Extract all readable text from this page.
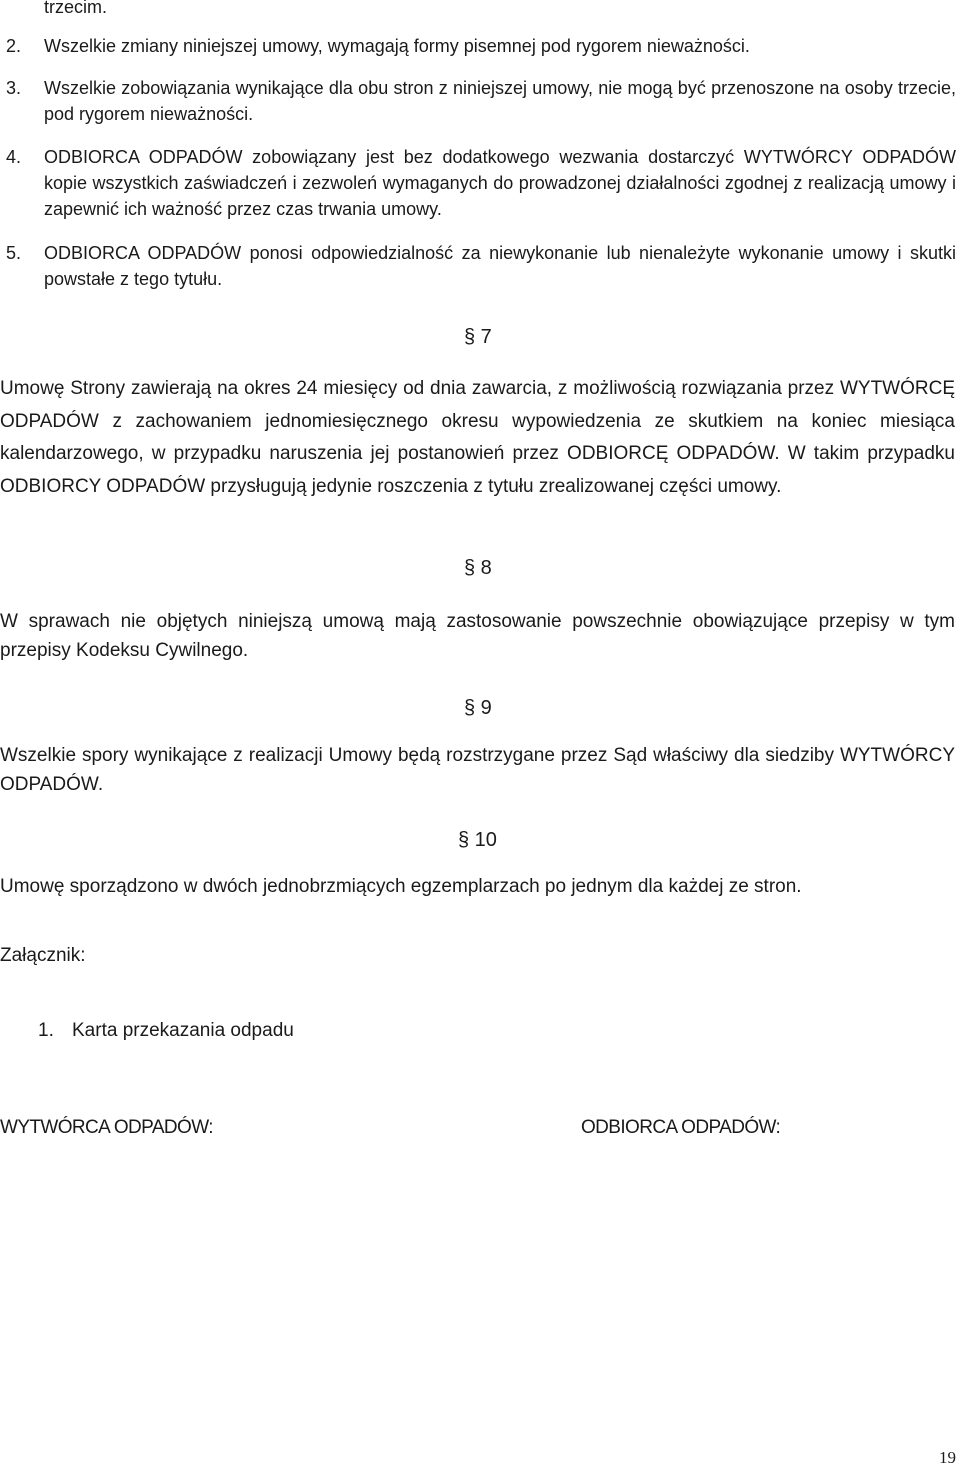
trzecim.
2.	Wszelkie zmiany niniejszej umowy, wymagają formy pisemnej pod rygorem nieważności.
3.	Wszelkie zobowiązania wynikające dla obu stron z niniejszej umowy, nie mogą być przenoszone na osoby trzecie, pod rygorem nieważności.
4.	ODBIORCA ODPADÓW zobowiązany jest bez dodatkowego wezwania dostarczyć WYTWÓRCY ODPADÓW kopie wszystkich zaświadczeń i zezwoleń wymaganych do prowadzonej działalności zgodnej z realizacją umowy i zapewnić ich ważność przez czas trwania umowy.
5.	ODBIORCA ODPADÓW ponosi odpowiedzialność za niewykonanie lub nienależyte wykonanie umowy i skutki powstałe z tego tytułu.
§ 7
Umowę Strony zawierają na okres 24 miesięcy od dnia zawarcia, z możliwością rozwiązania przez WYTWÓRCĘ ODPADÓW z zachowaniem jednomiesięcznego okresu wypowiedzenia ze skutkiem na koniec miesiąca kalendarzowego, w przypadku naruszenia jej postanowień przez ODBIORCĘ ODPADÓW. W takim przypadku ODBIORCY ODPADÓW przysługują jedynie roszczenia z tytułu zrealizowanej części umowy.
§ 8
W sprawach nie objętych niniejszą umową mają zastosowanie powszechnie obowiązujące przepisy w tym przepisy Kodeksu Cywilnego.
§ 9
Wszelkie spory wynikające z realizacji Umowy będą rozstrzygane przez Sąd właściwy dla siedziby WYTWÓRCY ODPADÓW.
§ 10
Umowę sporządzono w dwóch jednobrzmiących egzemplarzach po jednym dla każdej ze stron.
Załącznik:
1. Karta przekazania odpadu
WYTWÓRCA ODPADÓW:	ODBIORCA ODPADÓW:
19
